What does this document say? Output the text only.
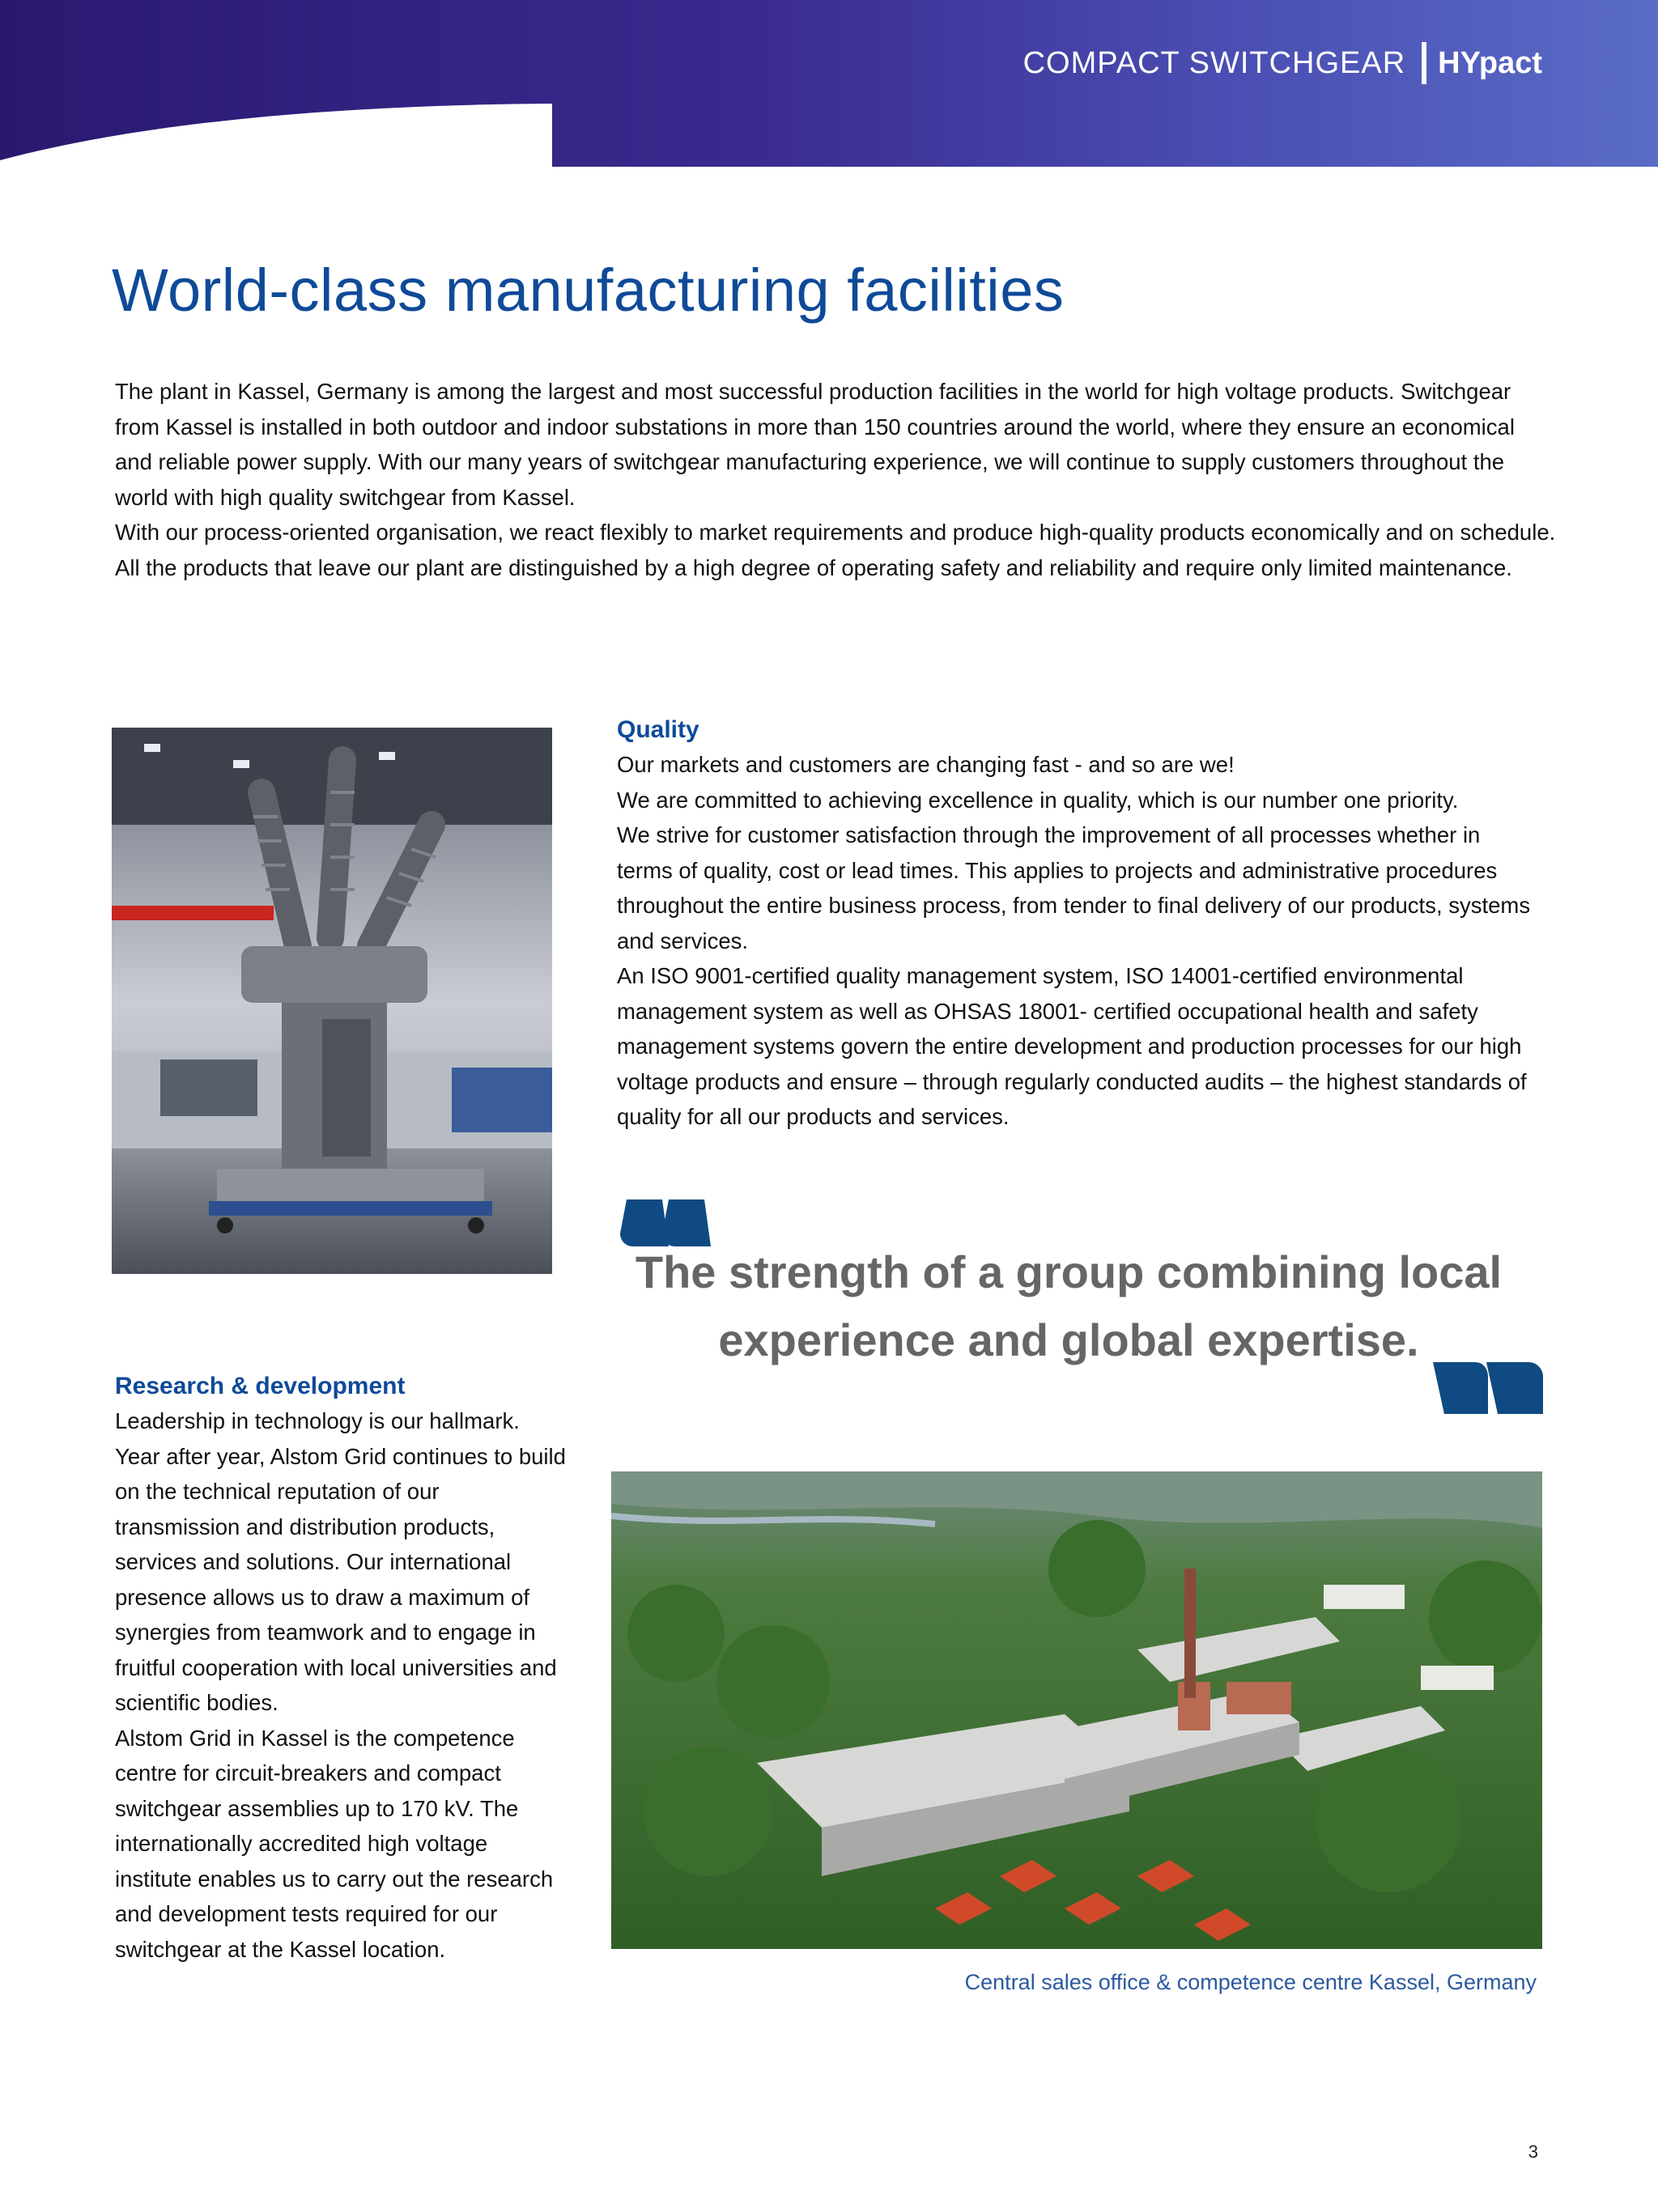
COMPACT SWITCHGEAR HYpact
World-class manufacturing facilities

The plant in Kassel, Germany is among the largest and most successful production facilities in the world for high voltage products. Switchgear from Kassel is installed in both outdoor and indoor substations in more than 150 countries around the world, where they ensure an economical and reliable power supply. With our many years of switchgear manufacturing experience, we will continue to supply customers throughout the world with high quality switchgear from Kassel.

With our process-oriented organisation, we react flexibly to market requirements and produce high-quality products economically and on schedule. All the products that leave our plant are distinguished by a high degree of operating safety and reliability and require only limited maintenance.

Quality

Our markets and customers are changing fast - and so are we!

We are committed to achieving excellence in quality, which is our number one priority.

We strive for customer satisfaction through the improvement of all processes whether in terms of quality, cost or lead times. This applies to projects and administrative procedures throughout the entire business process, from tender to final delivery of our products, systems and services.

An ISO 9001-certified quality management system, ISO 14001-certified environmental management system as well as OHSAS 18001- certified occupational health and safety management systems govern the entire development and production processes for our high voltage products and ensure – through regularly conducted audits – the highest standards of quality for all our products and services.

The strength of a group combining local
experience and global expertise.

Research & development

Leadership in technology is our hallmark. Year after year, Alstom Grid continues to build on the technical reputation of our transmission and distribution products, services and solutions. Our international presence allows us to draw a maximum of synergies from teamwork and to engage in fruitful cooperation with local universities and scientific bodies.

Alstom Grid in Kassel is the competence centre for circuit-breakers and compact switchgear assemblies up to 170 kV. The internationally accredited high voltage institute enables us to carry out the research and development tests required for our switchgear at the Kassel location.

Central sales office & competence centre Kassel, Germany

3
